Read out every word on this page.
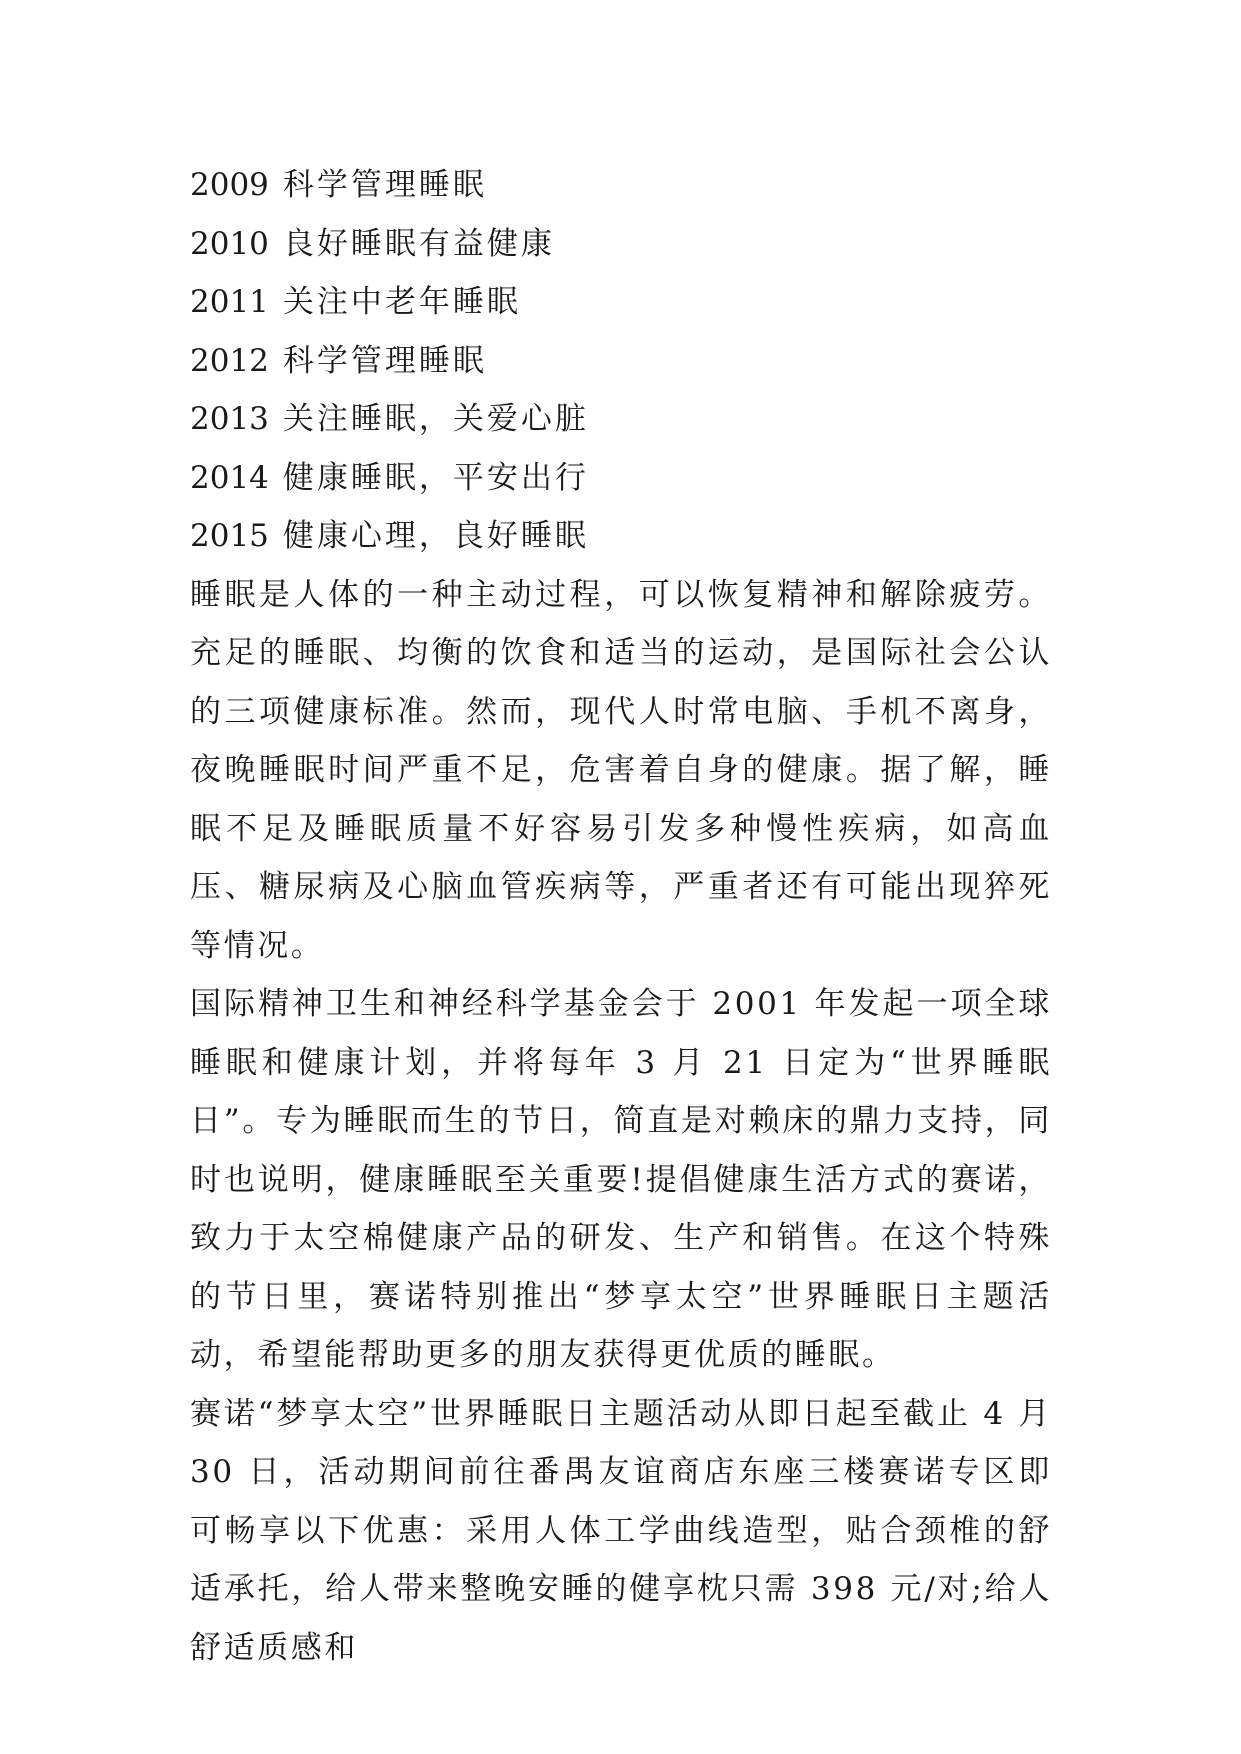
2009 科学管理睡眠
2010 良好睡眠有益健康
2011 关注中老年睡眠
2012 科学管理睡眠
2013 关注睡眠，关爱心脏
2014 健康睡眠，平安出行
2015 健康心理，良好睡眠

睡眠是人体的一种主动过程，可以恢复精神和解除疲劳。充足的睡眠、均衡的饮食和适当的运动，是国际社会公认的三项健康标准。然而，现代人时常电脑、手机不离身，夜晚睡眠时间严重不足，危害着自身的健康。据了解，睡眠不足及睡眠质量不好容易引发多种慢性疾病，如高血压、糖尿病及心脑血管疾病等，严重者还有可能出现猝死等情况。

国际精神卫生和神经科学基金会于 2001 年发起一项全球睡眠和健康计划，并将每年 3 月 21 日定为“世界睡眠日”。专为睡眠而生的节日，简直是对赖床的鼎力支持，同时也说明，健康睡眠至关重要!提倡健康生活方式的赛诺，致力于太空棉健康产品的研发、生产和销售。在这个特殊的节日里，赛诺特别推出“梦享太空”世界睡眠日主题活动，希望能帮助更多的朋友获得更优质的睡眠。

赛诺“梦享太空”世界睡眠日主题活动从即日起至截止 4 月 30 日，活动期间前往番禺友谊商店东座三楼赛诺专区即可畅享以下优惠：采用人体工学曲线造型，贴合颈椎的舒适承托，给人带来整晚安睡的健享枕只需 398 元/对;给人舒适质感和
